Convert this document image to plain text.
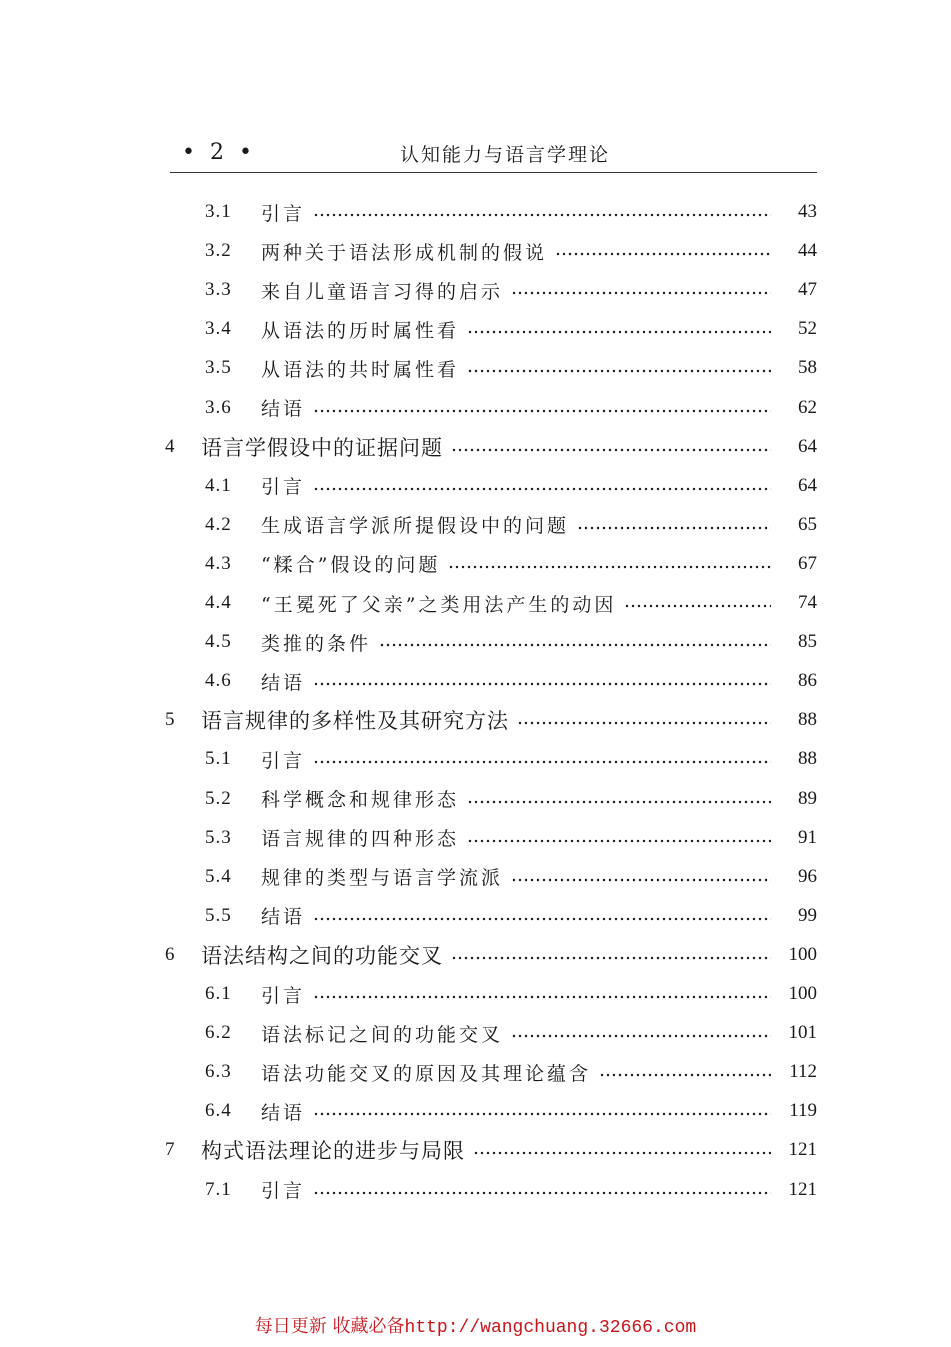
• 2 •	认知能力与语言学理论
3.1	引言	43
3.2	两种关于语法形成机制的假说	44
3.3	来自儿童语言习得的启示	47
3.4	从语法的历时属性看	52
3.5	从语法的共时属性看	58
3.6	结语	62
4	语言学假设中的证据问题	64
4.1	引言	64
4.2	生成语言学派所提假设中的问题	65
4.3	“糅合”假设的问题	67
4.4	“王冕死了父亲”之类用法产生的动因	74
4.5	类推的条件	85
4.6	结语	86
5	语言规律的多样性及其研究方法	88
5.1	引言	88
5.2	科学概念和规律形态	89
5.3	语言规律的四种形态	91
5.4	规律的类型与语言学流派	96
5.5	结语	99
6	语法结构之间的功能交叉	100
6.1	引言	100
6.2	语法标记之间的功能交叉	101
6.3	语法功能交叉的原因及其理论蕴含	112
6.4	结语	119
7	构式语法理论的进步与局限	121
7.1	引言	121
每日更新 收藏必备http://wangchuang.32666.com
